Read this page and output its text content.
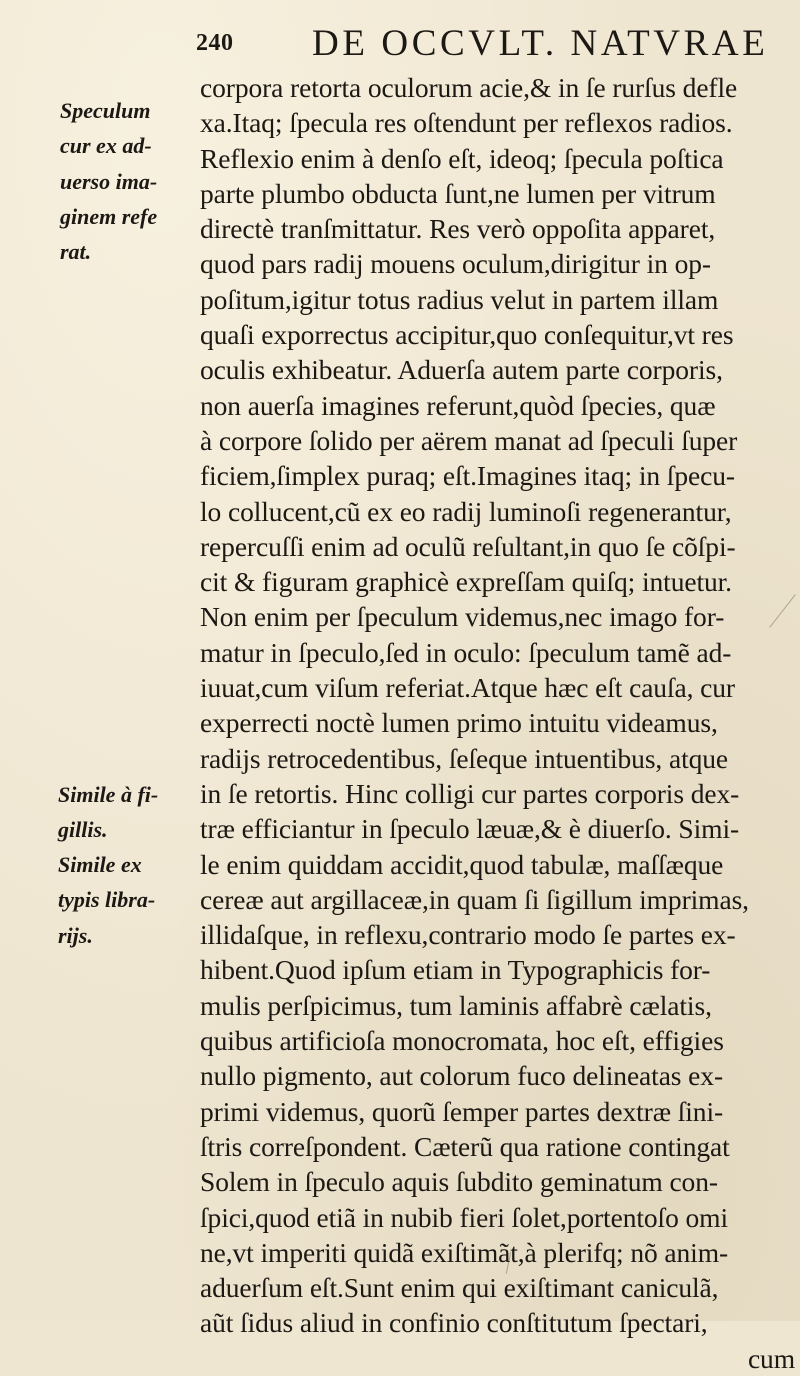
240 DE OCCVLT. NATVRAE
Speculum
cur ex ad-
uerso ima-
ginem refe
rat.
Simile à fi-
gillis.
Simile ex
typis libra-
rijs.
corpora retorta oculorum acie,& in ſe rurſus defle
xa.Itaq; ſpecula res oſtendunt per reflexos radios.
Reflexio enim à denſo eſt, ideoq; ſpecula poſtica
parte plumbo obducta ſunt,ne lumen per vitrum
directè tranſmittatur. Res verò oppoſita apparet,
quod pars radij mouens oculum,dirigitur in op-
poſitum,igitur totus radius velut in partem illam
quaſi exporrectus accipitur,quo conſequitur,vt res
oculis exhibeatur. Aduerſa autem parte corporis,
non auerſa imagines referunt,quòd ſpecies, quæ
à corpore ſolido per aërem manat ad ſpeculi ſuper
ficiem,ſimplex puraq; eſt.Imagines itaq; in ſpecu-
lo collucent,cũ ex eo radij luminoſi regenerantur,
repercuſſi enim ad oculũ reſultant,in quo ſe cõſpi-
cit & figuram graphicè expreſſam quiſq; intuetur.
Non enim per ſpeculum videmus,nec imago for-
matur in ſpeculo,ſed in oculo: ſpeculum tamẽ ad-
iuuat,cum viſum referiat.Atque hæc eſt cauſa, cur
experrecti noctè lumen primo intuitu videamus,
radijs retrocedentibus, ſeſeque intuentibus, atque
in ſe retortis. Hinc colligi cur partes corporis dex-
træ efficiantur in ſpeculo læuæ,& è diuerſo. Simi-
le enim quiddam accidit,quod tabulæ, maſſæque
cereæ aut argillaceæ,in quam ſi ſigillum imprimas,
illidaſque, in reflexu,contrario modo ſe partes ex-
hibent.Quod ipſum etiam in Typographicis for-
mulis perſpicimus, tum laminis affabrè cælatis,
quibus artificioſa monocromata, hoc eſt, effigies
nullo pigmento, aut colorum fuco delineatas ex-
primi videmus, quorũ ſemper partes dextræ ſini-
ſtris correſpondent. Cæterũ qua ratione contingat
Solem in ſpeculo aquis ſubdito geminatum con-
ſpici,quod etiã in nubib fieri ſolet,portentoſo omi
ne,vt imperiti quidã exiſtimãt,à plerifq; nõ anim-
aduerſum eſt.Sunt enim qui exiſtimant caniculã,
aũt ſidus aliud in confinio conſtitutum ſpectari,
cum
